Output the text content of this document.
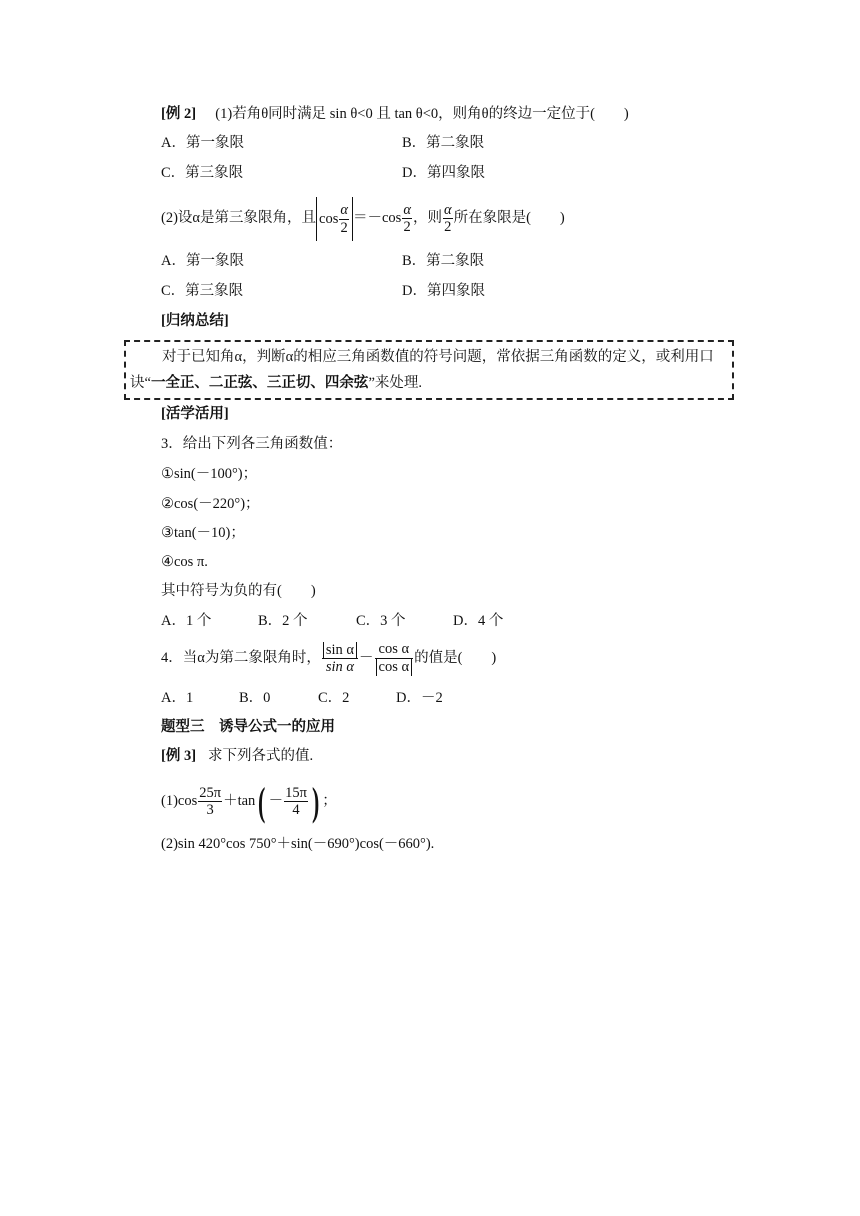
[例 2] (1)若角θ同时满足 sin θ<0 且 tan θ<0，则角θ的终边一定位于(　　)
A．第一象限	B．第二象限
C．第三象限	D．第四象限
(2)设α是第三象限角，且 $\cos \frac{\alpha}{2} =-\cos \frac{\alpha}{2}$ ，则 $\frac{\alpha}{2}$ 所在象限是(　　)
A．第一象限	B．第二象限
C．第三象限	D．第四象限
[归纳总结]
对于已知角α，判断α的相应三角函数值的符号问题，常依据三角函数的定义，或利用口
诀“一全正、二正弦、三正切、四余弦”来处理.
[活学活用]
3．给出下列各三角函数值：
①sin(－100°)；
②cos(－220°)；
③tan(－10)；
④cos π.
其中符号为负的有(　　)
A．1 个	B．2 个	C．3 个	D．4 个
4．当α为第二象限角时， $\frac{\text{sin α}}{\text{sin α}} - \frac{\text{cos α}}{\text{cos α}}$ 的值是(　　)
A．1	B．0	C．2	D．－2
题型三　诱导公式一的应用
[例 3] 求下列各式的值.
$(1)\cos \frac{25\pi}{3} +\tan( - \frac{15\pi}{4}$ ) ；
(2)sin 420°cos 750°＋sin(－690°)cos(－660°).
